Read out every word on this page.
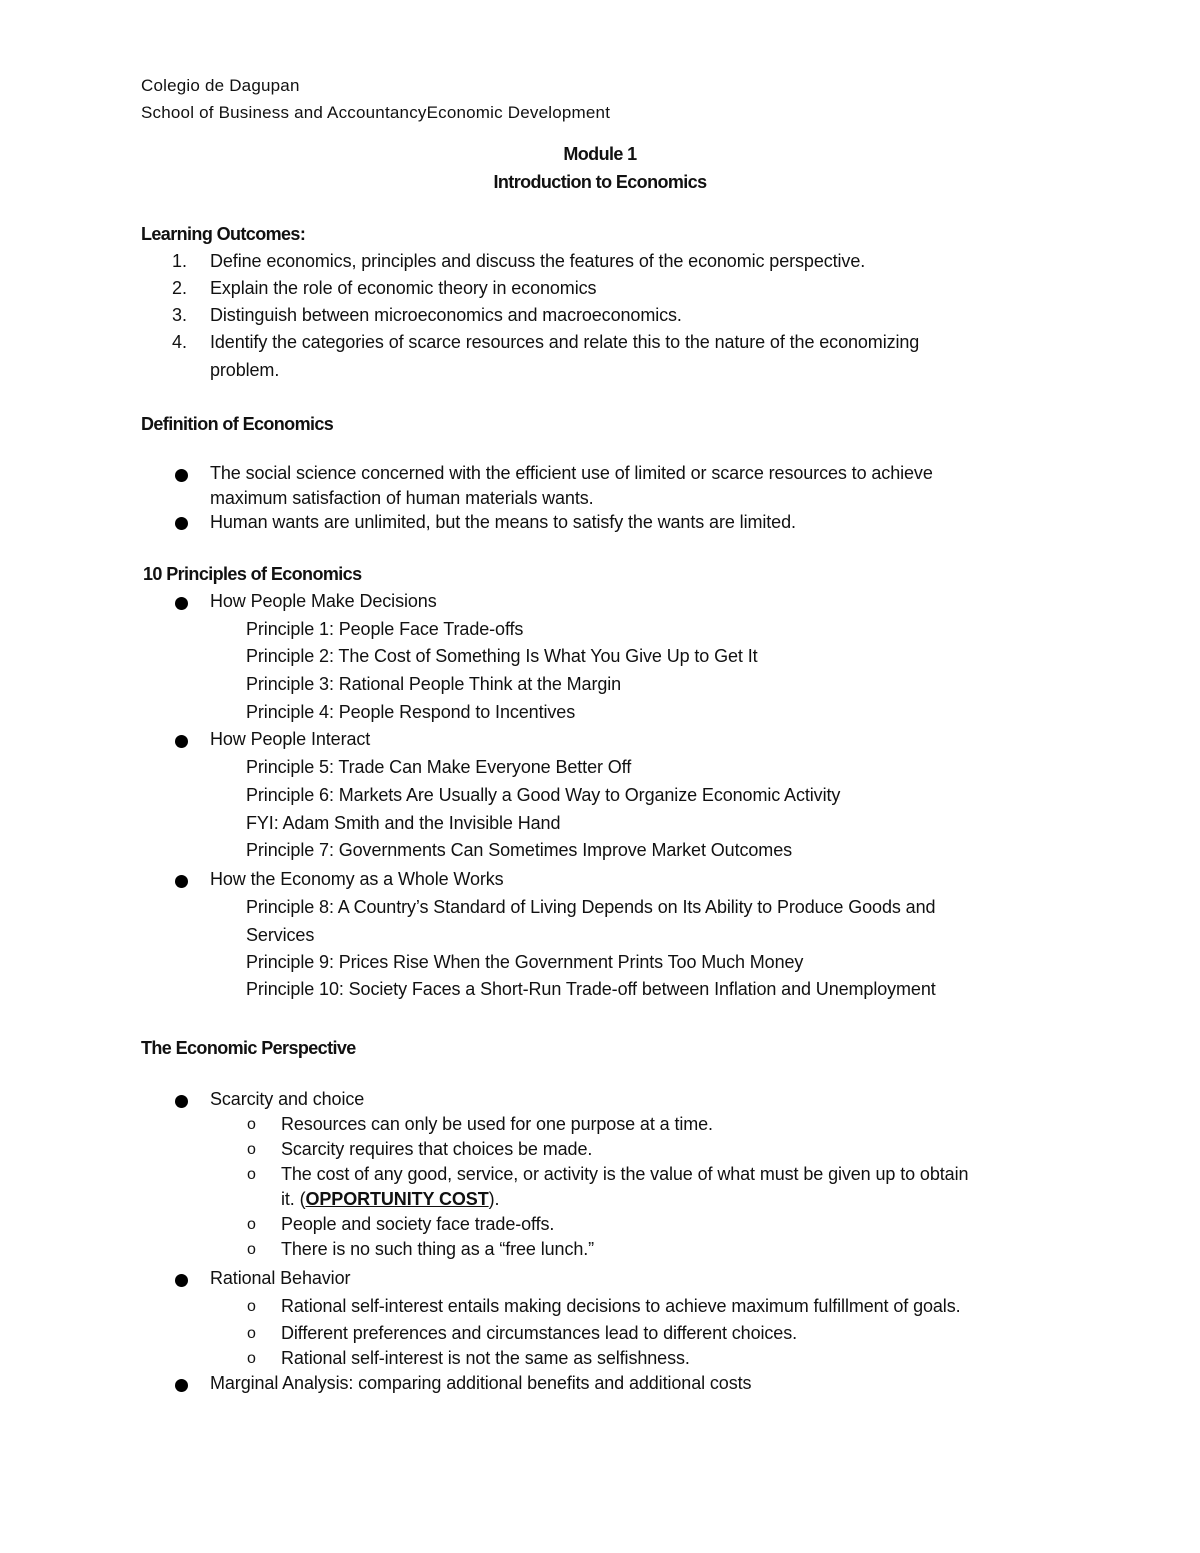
Colegio de Dagupan
School of Business and AccountancyEconomic Development
Module 1
Introduction to Economics
Learning Outcomes:
1. Define economics, principles and discuss the features of the economic perspective.
2. Explain the role of economic theory in economics
3. Distinguish between microeconomics and macroeconomics.
4. Identify the categories of scarce resources and relate this to the nature of the economizing
problem.
Definition of Economics
The social science concerned with the efficient use of limited or scarce resources to achieve
maximum satisfaction of human materials wants.
Human wants are unlimited, but the means to satisfy the wants are limited.
10 Principles of Economics
How People Make Decisions
Principle 1: People Face Trade-offs
Principle 2: The Cost of Something Is What You Give Up to Get It
Principle 3: Rational People Think at the Margin
Principle 4: People Respond to Incentives
How People Interact
Principle 5: Trade Can Make Everyone Better Off
Principle 6: Markets Are Usually a Good Way to Organize Economic Activity
FYI: Adam Smith and the Invisible Hand
Principle 7: Governments Can Sometimes Improve Market Outcomes
How the Economy as a Whole Works
Principle 8: A Country’s Standard of Living Depends on Its Ability to Produce Goods and
Services
Principle 9: Prices Rise When the Government Prints Too Much Money
Principle 10: Society Faces a Short-Run Trade-off between Inflation and Unemployment
The Economic Perspective
Scarcity and choice
o Resources can only be used for one purpose at a time.
o Scarcity requires that choices be made.
o The cost of any good, service, or activity is the value of what must be given up to obtain
it. (OPPORTUNITY COST).
o People and society face trade-offs.
o There is no such thing as a “free lunch.”
Rational Behavior
o Rational self-interest entails making decisions to achieve maximum fulfillment of goals.
o Different preferences and circumstances lead to different choices.
o Rational self-interest is not the same as selfishness.
Marginal Analysis: comparing additional benefits and additional costs
